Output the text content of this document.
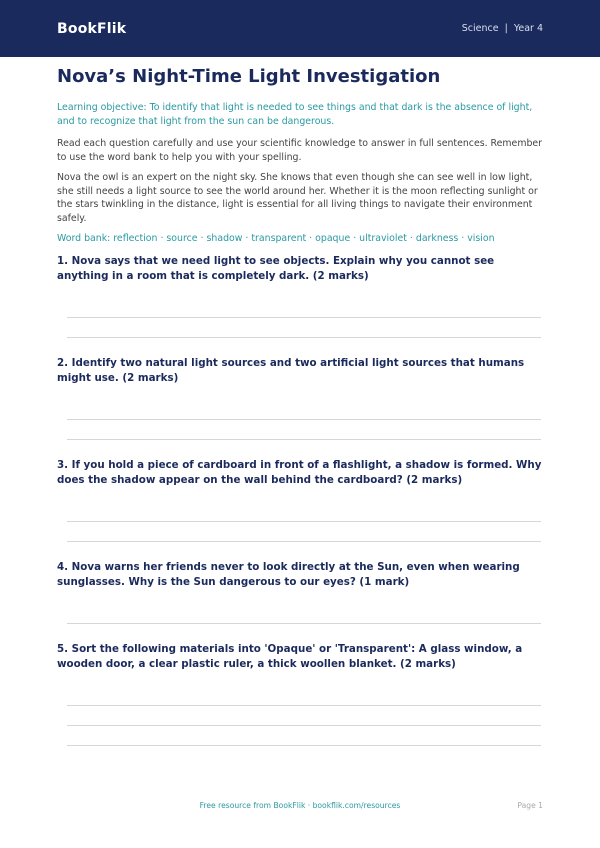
BookFlik	Science | Year 4
Nova’s Night-Time Light Investigation

Learning objective: To identify that light is needed to see things and that dark is the absence of light, and to recognize that light from the sun can be dangerous.

Read each question carefully and use your scientific knowledge to answer in full sentences. Remember to use the word bank to help you with your spelling.

Nova the owl is an expert on the night sky. She knows that even though she can see well in low light, she still needs a light source to see the world around her. Whether it is the moon reflecting sunlight or the stars twinkling in the distance, light is essential for all living things to navigate their environment safely.

Word bank: reflection · source · shadow · transparent · opaque · ultraviolet · darkness · vision

1. Nova says that we need light to see objects. Explain why you cannot see anything in a room that is completely dark. (2 marks)

2. Identify two natural light sources and two artificial light sources that humans might use. (2 marks)

3. If you hold a piece of cardboard in front of a flashlight, a shadow is formed. Why does the shadow appear on the wall behind the cardboard? (2 marks)

4. Nova warns her friends never to look directly at the Sun, even when wearing sunglasses. Why is the Sun dangerous to our eyes? (1 mark)

5. Sort the following materials into 'Opaque' or 'Transparent': A glass window, a wooden door, a clear plastic ruler, a thick woollen blanket. (2 marks)

Free resource from BookFlik · bookflik.com/resources	Page 1
